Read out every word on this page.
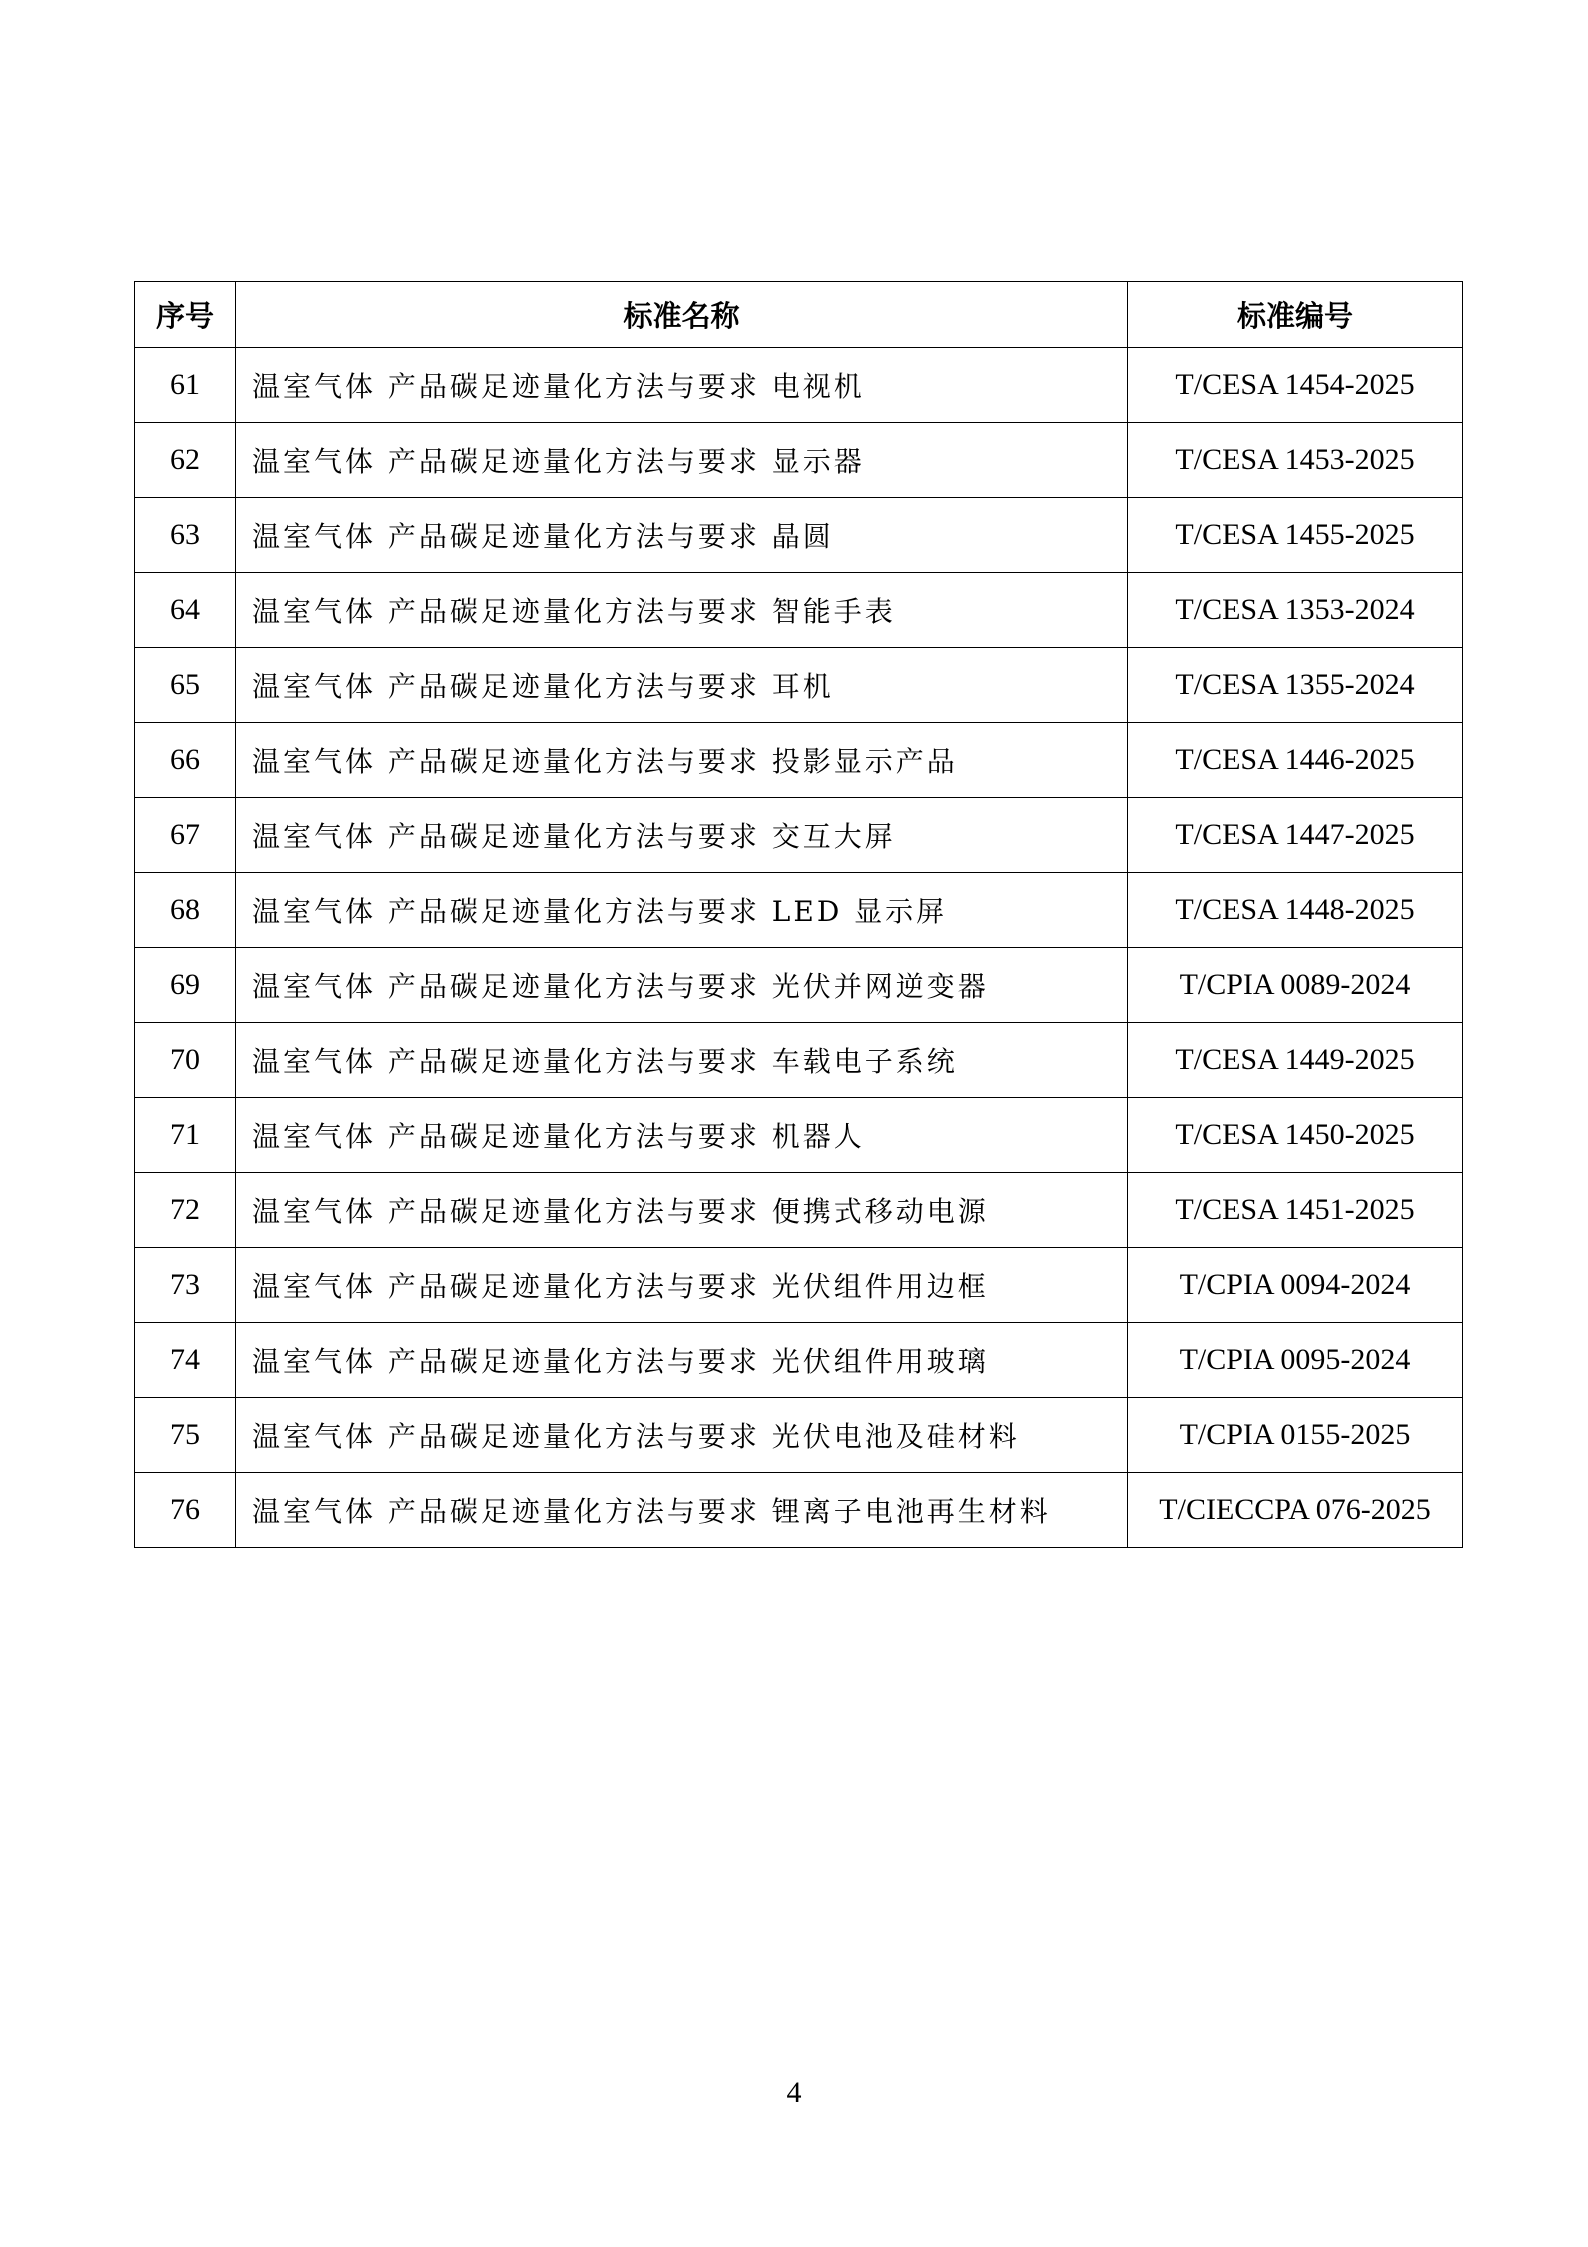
序号	标准名称	标准编号
61	温室气体 产品碳足迹量化方法与要求 电视机	T/CESA 1454-2025
62	温室气体 产品碳足迹量化方法与要求 显示器	T/CESA 1453-2025
63	温室气体 产品碳足迹量化方法与要求 晶圆	T/CESA 1455-2025
64	温室气体 产品碳足迹量化方法与要求 智能手表	T/CESA 1353-2024
65	温室气体 产品碳足迹量化方法与要求 耳机	T/CESA 1355-2024
66	温室气体 产品碳足迹量化方法与要求 投影显示产品	T/CESA 1446-2025
67	温室气体 产品碳足迹量化方法与要求 交互大屏	T/CESA 1447-2025
68	温室气体 产品碳足迹量化方法与要求 LED 显示屏	T/CESA 1448-2025
69	温室气体 产品碳足迹量化方法与要求 光伏并网逆变器	T/CPIA 0089-2024
70	温室气体 产品碳足迹量化方法与要求 车载电子系统	T/CESA 1449-2025
71	温室气体 产品碳足迹量化方法与要求 机器人	T/CESA 1450-2025
72	温室气体 产品碳足迹量化方法与要求 便携式移动电源	T/CESA 1451-2025
73	温室气体 产品碳足迹量化方法与要求 光伏组件用边框	T/CPIA 0094-2024
74	温室气体 产品碳足迹量化方法与要求 光伏组件用玻璃	T/CPIA 0095-2024
75	温室气体 产品碳足迹量化方法与要求 光伏电池及硅材料	T/CPIA 0155-2025
76	温室气体 产品碳足迹量化方法与要求 锂离子电池再生材料	T/CIECCPA 076-2025
4
